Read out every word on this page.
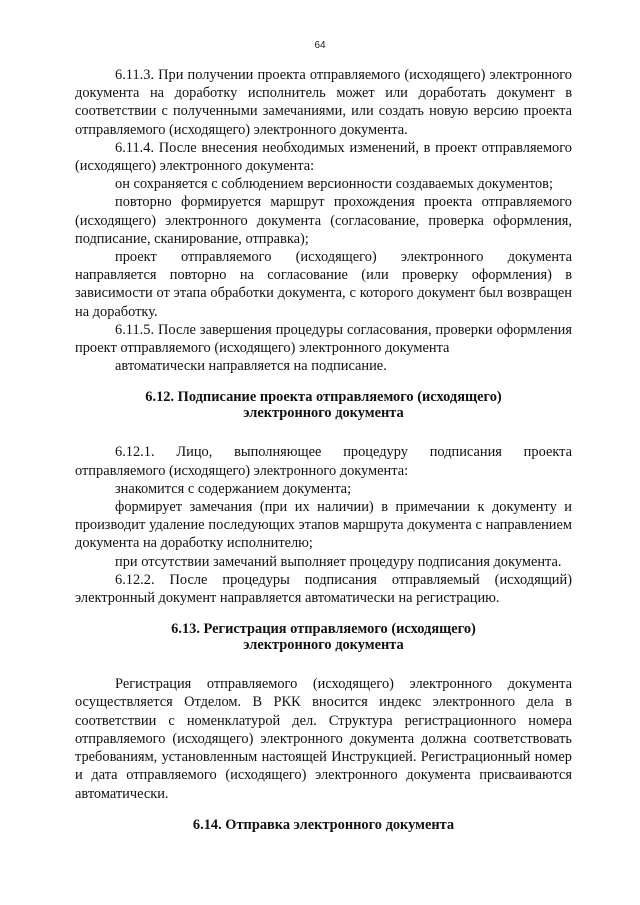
64

6.11.3. При получении проекта отправляемого (исходящего) электронного документа на доработку исполнитель может или доработать документ в соответствии с полученными замечаниями, или создать новую версию проекта отправляемого (исходящего) электронного документа.

6.11.4. После внесения необходимых изменений, в проект отправляемого (исходящего) электронного документа:

он сохраняется с соблюдением версионности создаваемых документов;

повторно формируется маршрут прохождения проекта отправляемого (исходящего) электронного документа (согласование, проверка оформления, подписание, сканирование, отправка);

проект отправляемого (исходящего) электронного документа направляется повторно на согласование (или проверку оформления) в зависимости от этапа обработки документа, с которого документ был возвращен на доработку.

6.11.5. После завершения процедуры согласования, проверки оформления проект отправляемого (исходящего) электронного документа

автоматически направляется на подписание.

6.12. Подписание проекта отправляемого (исходящего)
электронного документа

6.12.1. Лицо, выполняющее процедуру подписания проекта отправляемого (исходящего) электронного документа:

знакомится с содержанием документа;

формирует замечания (при их наличии) в примечании к документу и производит удаление последующих этапов маршрута документа с направлением документа на доработку исполнителю;

при отсутствии замечаний выполняет процедуру подписания документа.

6.12.2. После процедуры подписания отправляемый (исходящий) электронный документ направляется автоматически на регистрацию.

6.13. Регистрация отправляемого (исходящего)
электронного документа

Регистрация отправляемого (исходящего) электронного документа осуществляется Отделом. В РКК вносится индекс электронного дела в соответствии с номенклатурой дел. Структура регистрационного номера отправляемого (исходящего) электронного документа должна соответствовать требованиям, установленным настоящей Инструкцией. Регистрационный номер и дата отправляемого (исходящего) электронного документа присваиваются автоматически.

6.14. Отправка электронного документа
